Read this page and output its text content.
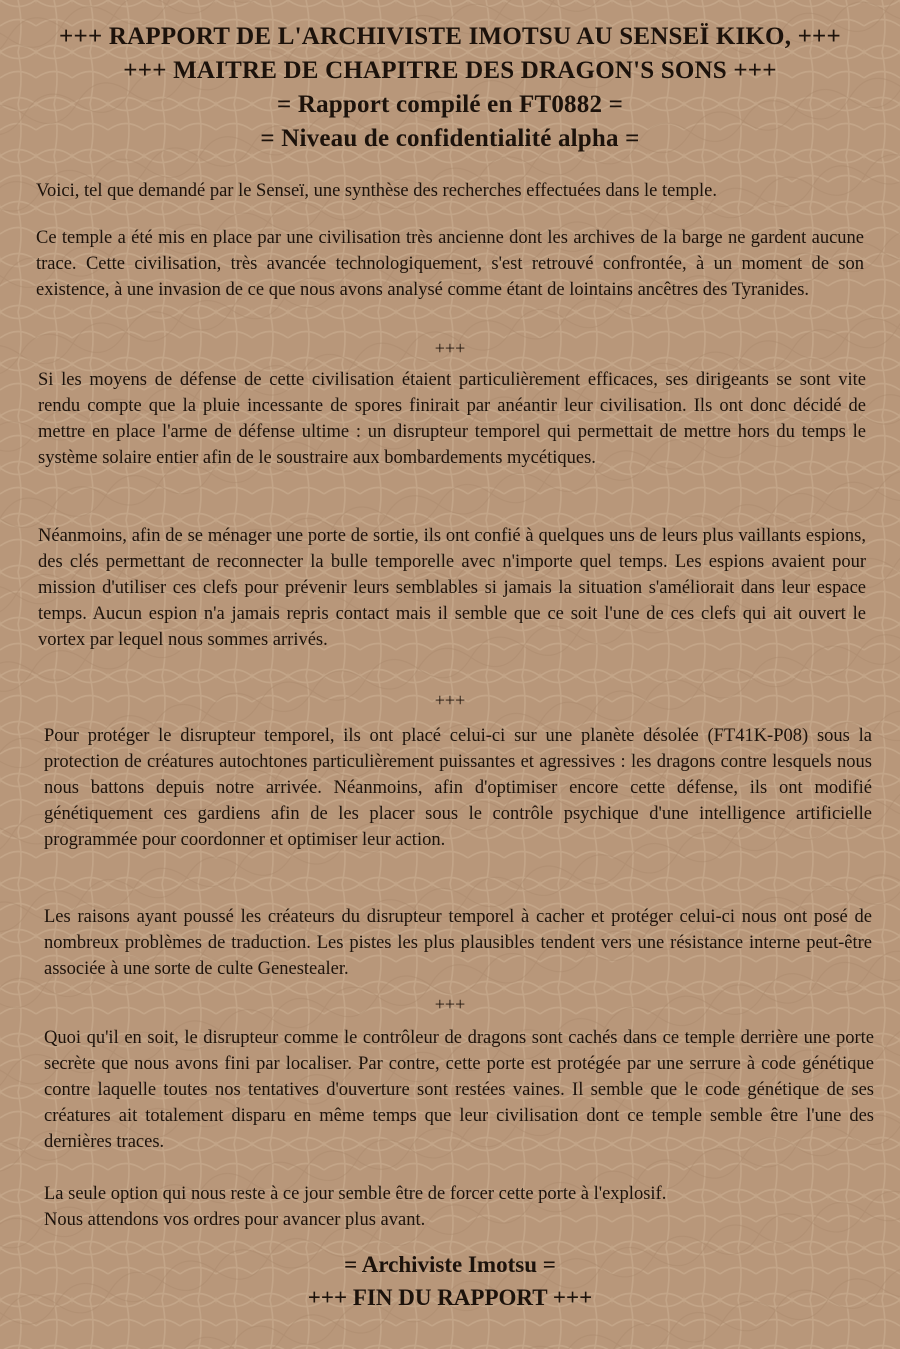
+++ RAPPORT DE L'ARCHIVISTE IMOTSU AU SENSEÏ KIKO, +++
+++ MAITRE DE CHAPITRE DES DRAGON'S SONS +++
= Rapport compilé en FT0882 =
= Niveau de confidentialité alpha =
Voici, tel que demandé par le Senseï, une synthèse des recherches effectuées dans le temple.
Ce temple a été mis en place par une civilisation très ancienne dont les archives de la barge ne gardent aucune trace. Cette civilisation, très avancée technologiquement, s'est retrouvé confrontée, à un moment de son existence, à une invasion de ce que nous avons analysé comme étant de lointains ancêtres des Tyranides.
+++
Si les moyens de défense de cette civilisation étaient particulièrement efficaces, ses dirigeants se sont vite rendu compte que la pluie incessante de spores finirait par anéantir leur civilisation. Ils ont donc décidé de mettre en place l'arme de défense ultime : un disrupteur temporel qui permettait de mettre hors du temps le système solaire entier afin de le soustraire aux bombardements mycétiques.
Néanmoins, afin de se ménager une porte de sortie, ils ont confié à quelques uns de leurs plus vaillants espions, des clés permettant de reconnecter la bulle temporelle avec n'importe quel temps. Les espions avaient pour mission d'utiliser ces clefs pour prévenir leurs semblables si jamais la situation s'améliorait dans leur espace temps. Aucun espion n'a jamais repris contact mais il semble que ce soit l'une de ces clefs qui ait ouvert le vortex par lequel nous sommes arrivés.
+++
Pour protéger le disrupteur temporel, ils ont placé celui-ci sur une planète désolée (FT41K-P08) sous la protection de créatures autochtones particulièrement puissantes et agressives : les dragons contre lesquels nous nous battons depuis notre arrivée. Néanmoins, afin d'optimiser encore cette défense, ils ont modifié génétiquement ces gardiens afin de les placer sous le contrôle psychique d'une intelligence artificielle programmée pour coordonner et optimiser leur action.
Les raisons ayant poussé les créateurs du disrupteur temporel à cacher et protéger celui-ci nous ont posé de nombreux problèmes de traduction. Les pistes les plus plausibles tendent vers une résistance interne peut-être associée à une sorte de culte Genestealer.
+++
Quoi qu'il en soit, le disrupteur comme le contrôleur de dragons sont cachés dans ce temple derrière une porte secrète que nous avons fini par localiser. Par contre, cette porte est protégée par une serrure à code génétique contre laquelle toutes nos tentatives d'ouverture sont restées vaines. Il semble que le code génétique de ses créatures ait totalement disparu en même temps que leur civilisation dont ce temple semble être l'une des dernières traces.
La seule option qui nous reste à ce jour semble être de forcer cette porte à l'explosif.
Nous attendons vos ordres pour avancer plus avant.
= Archiviste Imotsu =
+++ FIN DU RAPPORT +++
